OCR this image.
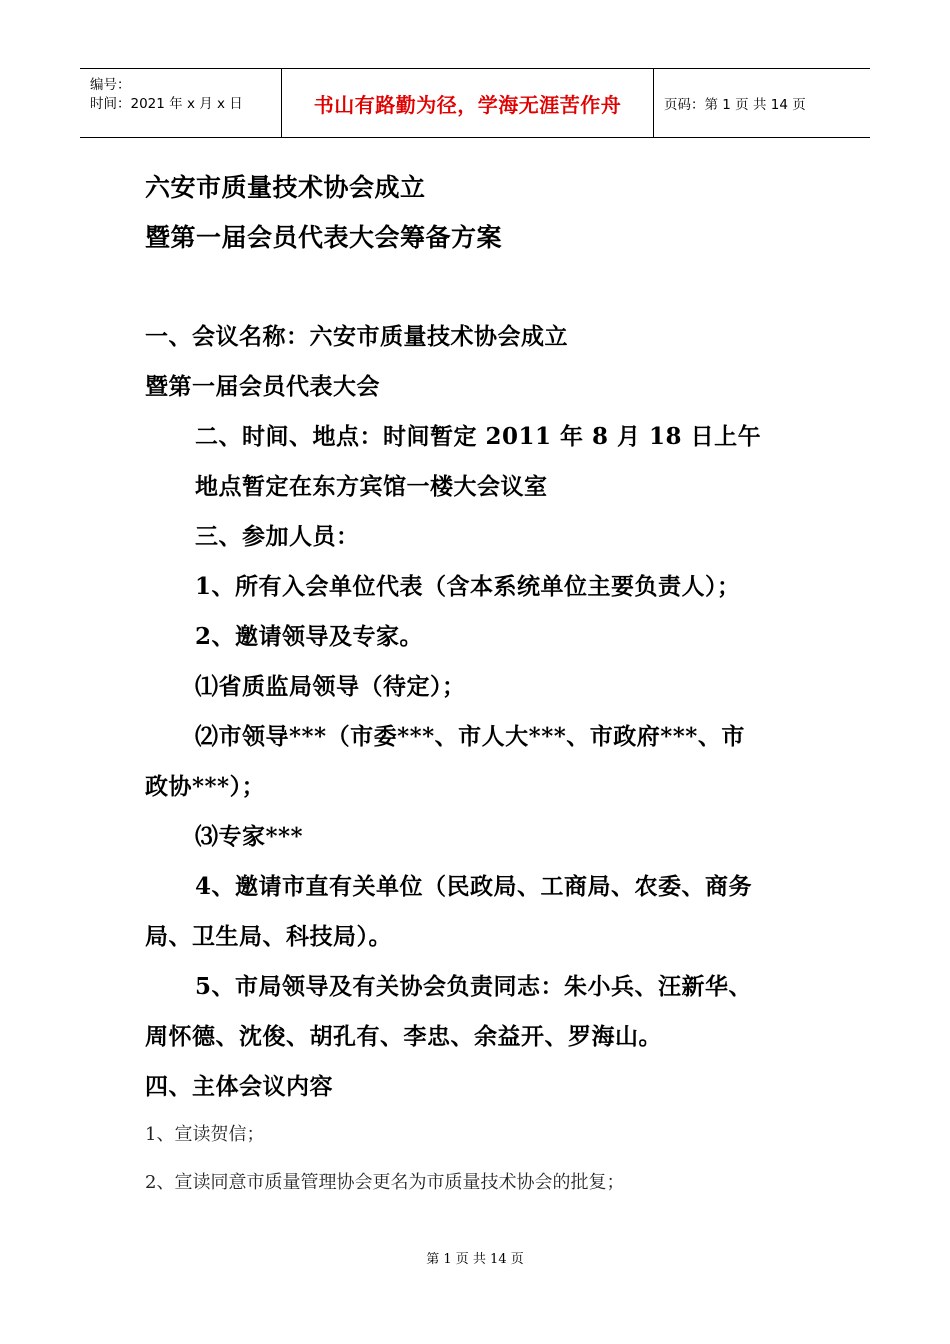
编号：
时间：2021 年 x 月 x 日	书山有路勤为径，学海无涯苦作舟	页码：第 1 页 共 14 页
六安市质量技术协会成立
暨第一届会员代表大会筹备方案
一、会议名称：六安市质量技术协会成立
暨第一届会员代表大会
二、时间、地点：时间暂定 2011 年 8 月 18 日上午
地点暂定在东方宾馆一楼大会议室
三、参加人员：
1、所有入会单位代表（含本系统单位主要负责人）；
2、邀请领导及专家。
⑴省质监局领导（待定）；
⑵市领导***（市委***、市人大***、市政府***、市
政协***）；
⑶专家***
4、邀请市直有关单位（民政局、工商局、农委、商务
局、卫生局、科技局）。
5、市局领导及有关协会负责同志：朱小兵、汪新华、
周怀德、沈俊、胡孔有、李忠、余益开、罗海山。
四、主体会议内容
1、宣读贺信；
2、宣读同意市质量管理协会更名为市质量技术协会的批复；
第 1 页 共 14 页
